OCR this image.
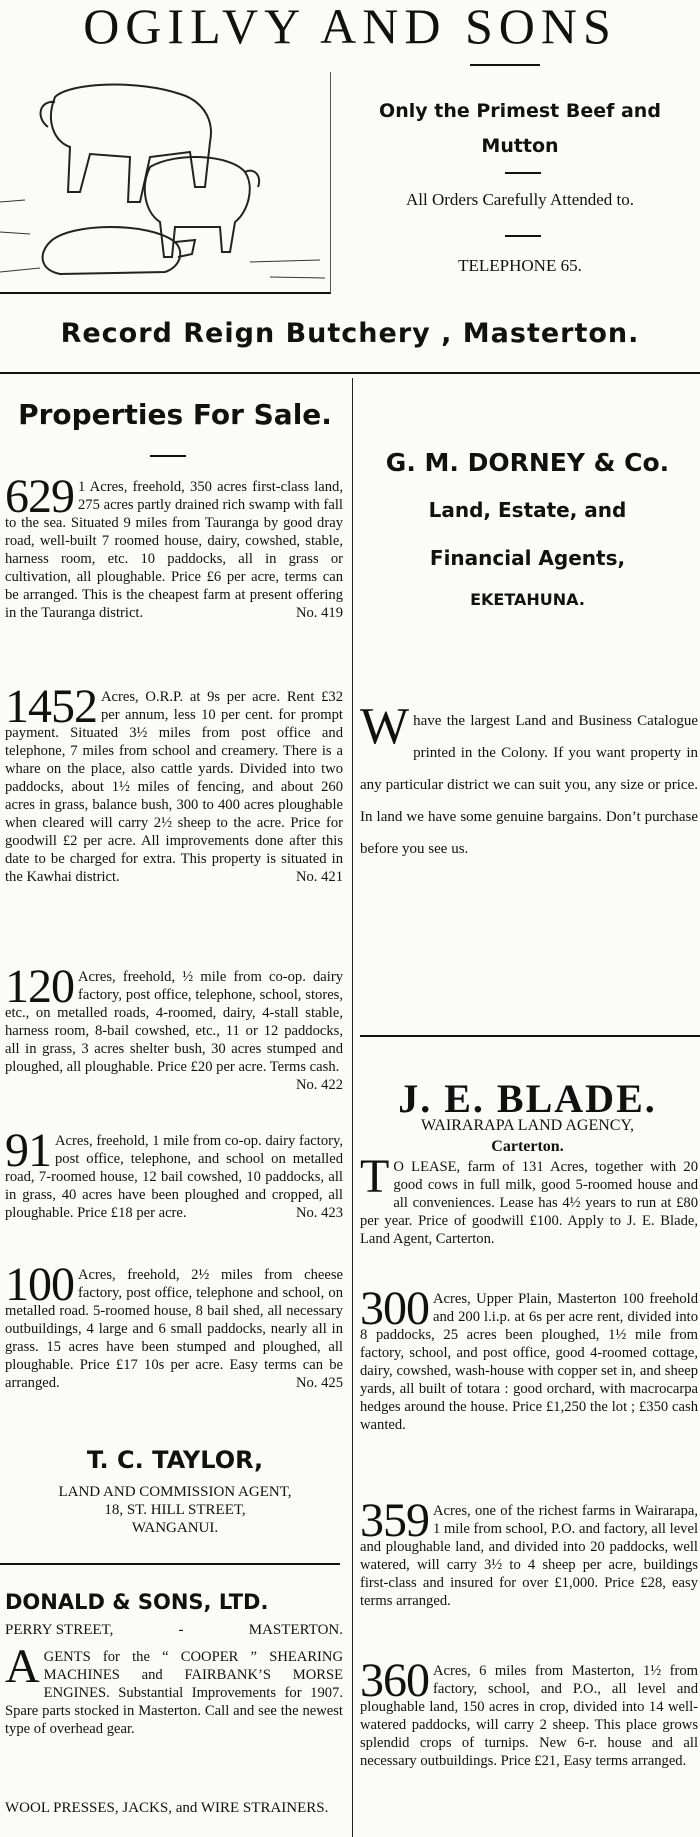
OGILVY AND SONS
Only the Primest Beef and
Mutton
All Orders Carefully Attended to.
TELEPHONE 65.
Record Reign Butchery , Masterton.
Properties For Sale.
629 1 Acres, freehold, 350 acres first-class land, 275 acres partly drained rich swamp with fall to the sea. Situated 9 miles from Tauranga by good dray road, well-built 7 roomed house, dairy, cowshed, stable, harness room, etc. 10 paddocks, all in grass or cultivation, all ploughable. Price £6 per acre, terms can be arranged. This is the cheapest farm at present offering in the Tauranga district.	No. 419
1452 Acres, O.R.P. at 9s per acre. Rent £32 per annum, less 10 per cent. for prompt payment. Situated 3½ miles from post office and telephone, 7 miles from school and creamery. There is a whare on the place, also cattle yards. Divided into two paddocks, about 1½ miles of fencing, and about 260 acres in grass, balance bush, 300 to 400 acres ploughable when cleared will carry 2½ sheep to the acre. Price for goodwill £2 per acre. All improvements done after this date to be charged for extra. This property is situated in the Kawhai district.	No. 421
120 Acres, freehold, ½ mile from co-op. dairy factory, post office, telephone, school, stores, etc., on metalled roads, 4-roomed, dairy, 4-stall stable, harness room, 8-bail cowshed, etc., 11 or 12 paddocks, all in grass, 3 acres shelter bush, 30 acres stumped and ploughed, all ploughable. Price £20 per acre. Terms cash.
No. 422
91 Acres, freehold, 1 mile from co-op. dairy factory, post office, telephone, and school on metalled road, 7-roomed house, 12 bail cowshed, 10 paddocks, all in grass, 40 acres have been ploughed and cropped, all ploughable. Price £18 per acre.	No. 423
100 Acres, freehold, 2½ miles from cheese factory, post office, telephone and school, on metalled road. 5-roomed house, 8 bail shed, all necessary outbuildings, 4 large and 6 small paddocks, nearly all in grass. 15 acres have been stumped and ploughed, all ploughable. Price £17 10s per acre. Easy terms can be arranged.	No. 425
T. C. TAYLOR,
LAND AND COMMISSION AGENT,
18, ST. HILL STREET,
WANGANUI.
DONALD & SONS, LTD.
PERRY STREET,	-	MASTERTON.
A GENTS for the “ COOPER ” SHEARING MACHINES and FAIRBANK’S MORSE ENGINES. Substantial Improvements for 1907. Spare parts stocked in Masterton. Call and see the newest type of overhead gear.
WOOL PRESSES, JACKS, and WIRE STRAINERS.
G. M. DORNEY & Co.
Land, Estate, and
Financial Agents,
EKETAHUNA.
W have the largest Land and Business Catalogue printed in the Colony. If you want property in any particular district we can suit you, any size or price. In land we have some genuine bargains. Don’t purchase before you see us.
J. E. BLADE.
WAIRARAPA LAND AGENCY,
Carterton.
T O LEASE, farm of 131 Acres, together with 20 good cows in full milk, good 5-roomed house and all conveniences. Lease has 4½ years to run at £80 per year. Price of goodwill £100. Apply to J. E. Blade, Land Agent, Carterton.
300 Acres, Upper Plain, Masterton 100 freehold and 200 l.i.p. at 6s per acre rent, divided into 8 paddocks, 25 acres been ploughed, 1½ mile from factory, school, and post office, good 4-roomed cottage, dairy, cowshed, wash-house with copper set in, and sheep yards, all built of totara : good orchard, with macrocarpa hedges around the house. Price £1,250 the lot ; £350 cash wanted.
359 Acres, one of the richest farms in Wairarapa, 1 mile from school, P.O. and factory, all level and ploughable land, and divided into 20 paddocks, well watered, will carry 3½ to 4 sheep per acre, buildings first-class and insured for over £1,000. Price £28, easy terms arranged.
360 Acres, 6 miles from Masterton, 1½ from factory, school, and P.O., all level and ploughable land, 150 acres in crop, divided into 14 well-watered paddocks, will carry 2 sheep. This place grows splendid crops of turnips. New 6-r. house and all necessary outbuildings. Price £21, Easy terms arranged.
